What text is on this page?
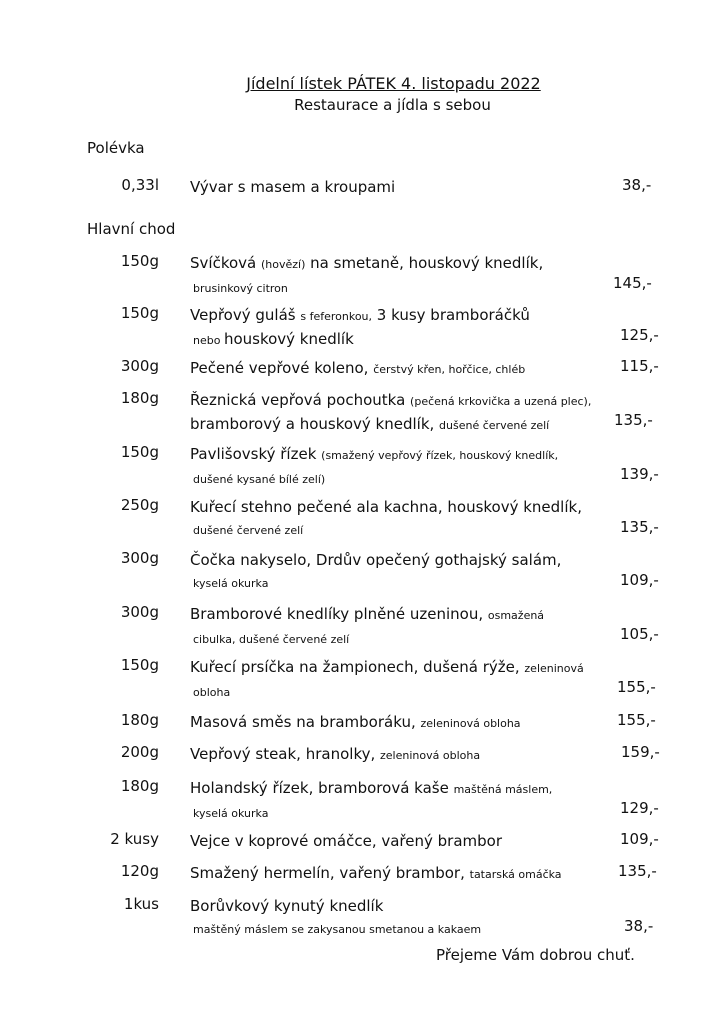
Jídelní lístek PÁTEK 4. listopadu 2022
Restaurace a jídla s sebou
Polévka
0,33l Vývar s masem a kroupami	38,-
Hlavní chod
150g Svíčková (hovězí) na smetaně, houskový knedlík,
brusinkový citron	145,-
150g Vepřový guláš s feferonkou, 3 kusy bramboráčků
nebo houskový knedlík	125,-
300g Pečené vepřové koleno, čerstvý křen, hořčice, chléb	115,-
180g Řeznická vepřová pochoutka (pečená krkovička a uzená plec),
bramborový a houskový knedlík, dušené červené zelí	135,-
150g Pavlišovský řízek (smažený vepřový řízek, houskový knedlík,
dušené kysané bílé zelí)	139,-
250g Kuřecí stehno pečené ala kachna, houskový knedlík,
dušené červené zelí	135,-
300g Čočka nakyselo, Drdův opečený gothajský salám,
kyselá okurka	109,-
300g Bramborové knedlíky plněné uzeninou, osmažená
cibulka, dušené červené zelí	105,-
150g Kuřecí prsíčka na žampionech, dušená rýže, zeleninová
obloha	155,-
180g Masová směs na bramboráku, zeleninová obloha	155,-
200g Vepřový steak, hranolky, zeleninová obloha	159,-
180g Holandský řízek, bramborová kaše maštěná máslem,
kyselá okurka	129,-
2 kusy Vejce v koprové omáčce, vařený brambor	109,-
120g Smažený hermelín, vařený brambor, tatarská omáčka	135,-
1kus Borůvkový kynutý knedlík
maštěný máslem se zakysanou smetanou a kakaem	38,-
Přejeme Vám dobrou chuť.
